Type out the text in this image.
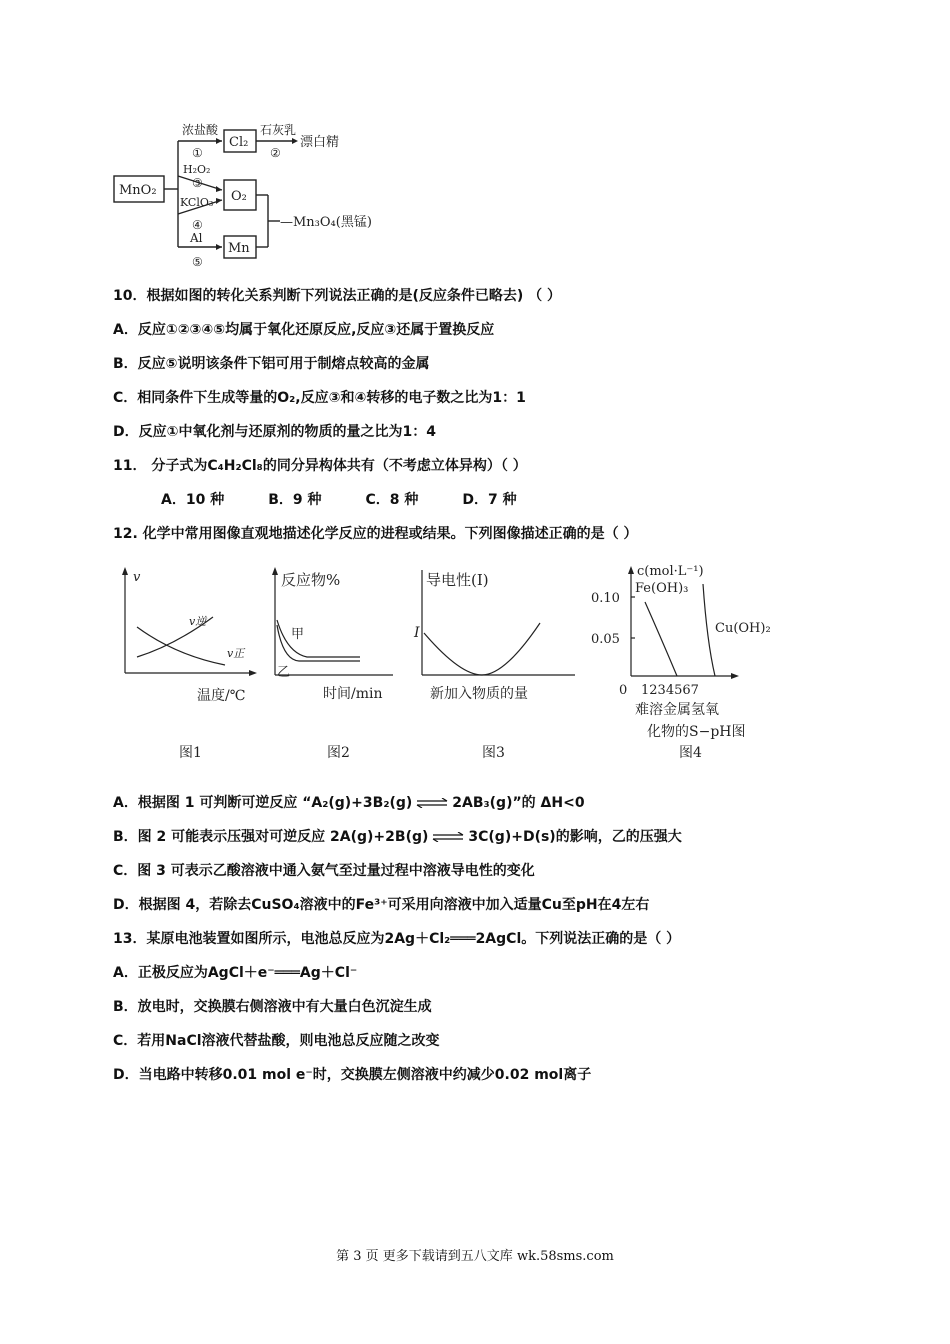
MnO₂
Cl₂
O₂
Mn
浓盐酸
①
石灰乳
②
漂白精
H₂O₂
③
KClO₃
④
Al
⑤
—Mn₃O₄(黑锰)
10．根据如图的转化关系判断下列说法正确的是(反应条件已略去) （ ）
A．反应①②③④⑤均属于氧化还原反应,反应③还属于置换反应
B．反应⑤说明该条件下铝可用于制熔点较高的金属
C．相同条件下生成等量的O₂,反应③和④转移的电子数之比为1：1
D．反应①中氧化剂与还原剂的物质的量之比为1：4
11． 分子式为C₄H₂Cl₈的同分异构体共有（不考虑立体异构）（ ）
A．10 种	B．9 种	C．8 种	D．7 种
12. 化学中常用图像直观地描述化学反应的进程或结果。下列图像描述正确的是（ ）
v
v逆
v正
温度/℃
图1
反应物%
甲
乙
时间/min
图2
导电性(I)
I
新加入物质的量
图3
c(mol·L⁻¹)
Fe(OH)₃
0.10
0.05
Cu(OH)₂
0 1234567
难溶金属氢氧
化物的S−pH图
图4
A．根据图 1 可判断可逆反应 “A₂(g)+3B₂(g) ⇌ 2AB₃(g)”的 ΔH<0
B．图 2 可能表示压强对可逆反应 2A(g)+2B(g) ⇌ 3C(g)+D(s)的影响，乙的压强大
C．图 3 可表示乙酸溶液中通入氨气至过量过程中溶液导电性的变化
D．根据图 4，若除去CuSO₄溶液中的Fe³⁺可采用向溶液中加入适量Cu至pH在4左右
13．某原电池装置如图所示，电池总反应为2Ag＋Cl₂═══2AgCl。下列说法正确的是（ ）
A．正极反应为AgCl＋e⁻═══Ag＋Cl⁻
B．放电时，交换膜右侧溶液中有大量白色沉淀生成
C．若用NaCl溶液代替盐酸，则电池总反应随之改变
D．当电路中转移0.01 mol e⁻时，交换膜左侧溶液中约减少0.02 mol离子
第 3 页 更多下载请到五八文库 wk.58sms.com
